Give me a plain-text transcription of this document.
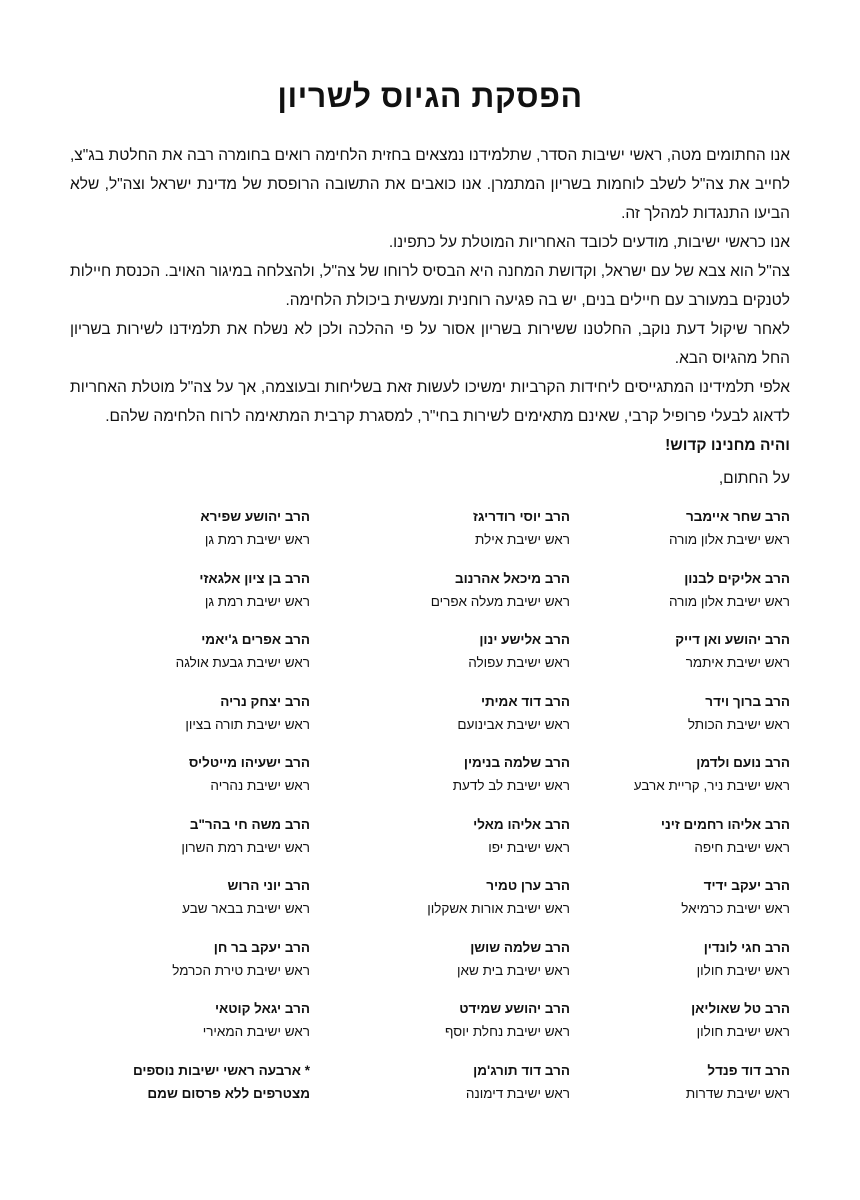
הפסקת הגיוס לשריון

אנו החתומים מטה, ראשי ישיבות הסדר, שתלמידנו נמצאים בחזית הלחימה רואים בחומרה רבה את החלטת בג"צ, לחייב את צה"ל לשלב לוחמות בשריון המתמרן. אנו כואבים את התשובה הרופסת של מדינת ישראל וצה"ל, שלא הביעו התנגדות למהלך זה.

אנו כראשי ישיבות, מודעים לכובד האחריות המוטלת על כתפינו.

צה"ל הוא צבא של עם ישראל, וקדושת המחנה היא הבסיס לרוחו של צה"ל, ולהצלחה במיגור האויב. הכנסת חיילות לטנקים במעורב עם חיילים בנים, יש בה פגיעה רוחנית ומעשית ביכולת הלחימה.

לאחר שיקול דעת נוקב, החלטנו ששירות בשריון אסור על פי ההלכה ולכן לא נשלח את תלמידנו לשירות בשריון החל מהגיוס הבא.

אלפי תלמידינו המתגייסים ליחידות הקרביות ימשיכו לעשות זאת בשליחות ובעוצמה, אך על צה"ל מוטלת האחריות לדאוג לבעלי פרופיל קרבי, שאינם מתאימים לשירות בחי"ר, למסגרת קרבית המתאימה לרוח הלחימה שלהם.

והיה מחנינו קדוש!
על החתום,
הרב שחר איימבר
ראש ישיבת אלון מורה
הרב יוסי רודריגז
ראש ישיבת אילת
הרב יהושע שפירא
ראש ישיבת רמת גן
הרב אליקים לבנון
ראש ישיבת אלון מורה
הרב מיכאל אהרנוב
ראש ישיבת מעלה אפרים
הרב בן ציון אלגאזי
ראש ישיבת רמת גן
הרב יהושע ואן דייק
ראש ישיבת איתמר
הרב אלישע ינון
ראש ישיבת עפולה
הרב אפרים ג'יאמי
ראש ישיבת גבעת אולגה
הרב ברוך וידר
ראש ישיבת הכותל
הרב דוד אמיתי
ראש ישיבת אבינועם
הרב יצחק נריה
ראש ישיבת תורה בציון
הרב נועם ולדמן
ראש ישיבת ניר, קריית ארבע
הרב שלמה בנימין
ראש ישיבת לב לדעת
הרב ישעיהו מייטליס
ראש ישיבת נהריה
הרב אליהו רחמים זיני
ראש ישיבת חיפה
הרב אליהו מאלי
ראש ישיבת יפו
הרב משה חי בהר"ב
ראש ישיבת רמת השרון
הרב יעקב ידיד
ראש ישיבת כרמיאל
הרב ערן טמיר
ראש ישיבת אורות אשקלון
הרב יוני הרוש
ראש ישיבת בבאר שבע
הרב חגי לונדין
ראש ישיבת חולון
הרב שלמה שושן
ראש ישיבת בית שאן
הרב יעקב בר חן
ראש ישיבת טירת הכרמל
הרב טל שאוליאן
ראש ישיבת חולון
הרב יהושע שמידט
ראש ישיבת נחלת יוסף
הרב יגאל קוטאי
ראש ישיבת המאירי
הרב דוד פנדל
ראש ישיבת שדרות
הרב דוד תורג'מן
ראש ישיבת דימונה
* ארבעה ראשי ישיבות נוספים
מצטרפים ללא פרסום שמם
